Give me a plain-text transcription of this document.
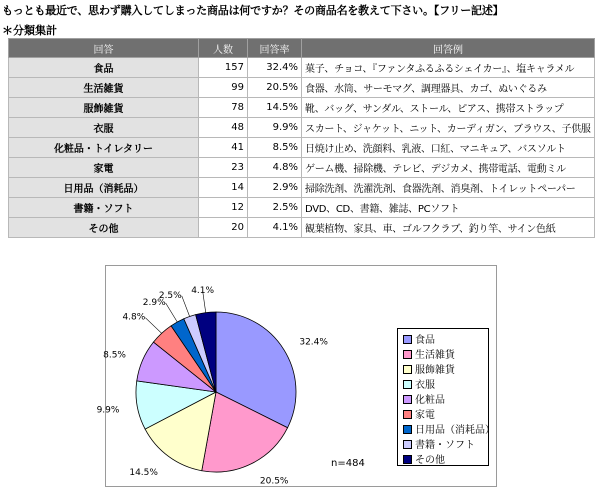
もっとも最近で、思わず購入してしまった商品は何ですか？その商品名を教えて下さい。【フリー記述】
＊分類集計
回答	人数	回答率	回答例
食品	157	32.4%	菓子、チョコ、『ファンタふるふるシェイカー』、塩キャラメル
生活雑貨	99	20.5%	食器、水筒、サーモマグ、調理器具、カゴ、ぬいぐるみ
服飾雑貨	78	14.5%	靴、バッグ、サンダル、ストール、ピアス、携帯ストラップ
衣服	48	9.9%	スカート、ジャケット、ニット、カーディガン、ブラウス、子供服
化粧品・トイレタリー	41	8.5%	日焼け止め、洗顔料、乳液、口紅、マニキュア、バスソルト
家電	23	4.8%	ゲーム機、掃除機、テレビ、デジカメ、携帯電話、電動ミル
日用品（消耗品）	14	2.9%	掃除洗剤、洗濯洗剤、食器洗剤、消臭剤、トイレットペーパー
書籍・ソフト	12	2.5%	DVD、CD、書籍、雑誌、PCソフト
その他	20	4.1%	観葉植物、家具、車、ゴルフクラブ、釣り竿、サイン色紙
32.4%
20.5%
14.5%
9.9%
8.5%
4.8%
2.9%
2.5% 4.1%
食品
生活雑貨
服飾雑貨
衣服
化粧品
家電
日用品（消耗品）
書籍・ソフト
その他
n=484
